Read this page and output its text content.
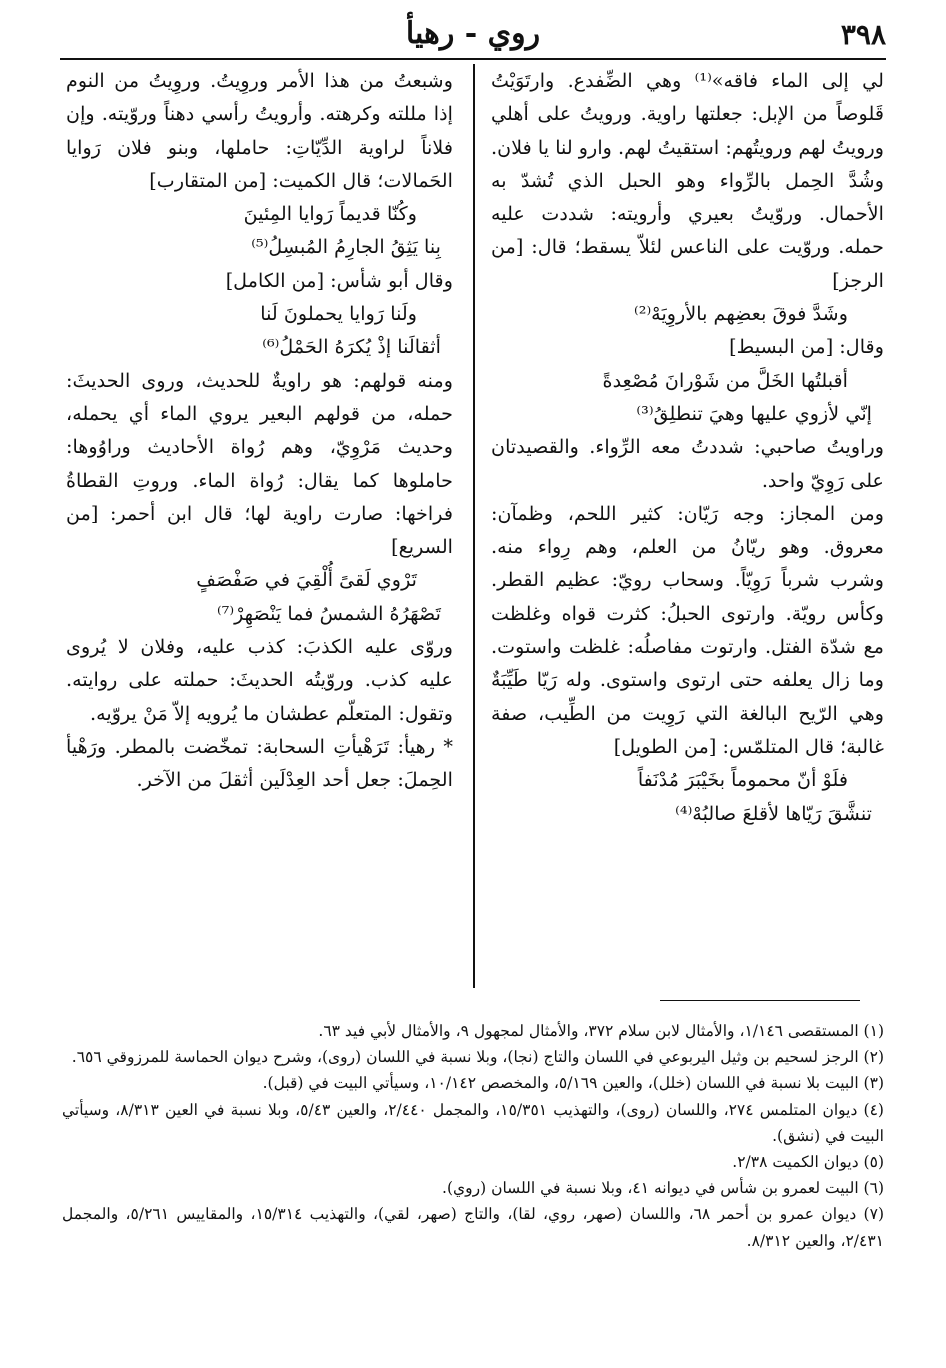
٣٩٨
روي - رهيأ

لي إلى الماء فاقه»⁽¹⁾ وهي الضِّفدع. وارتَوَيْتُ قَلوصاً من الإبل: جعلتها راوية. ورويتُ على أهلي ورويتُ لهم ورويتُهم: استقيتُ لهم. وارو لنا يا فلان. وشُدَّ الحِمل بالرِّواء وهو الحبل الذي تُشدّ به الأحمال. وروّيتُ بعيري وأرويته: شددت عليه حمله. وروّيت على الناعس لئلاّ يسقط؛ قال: [من الرجز]

وشَدَّ فوقَ بعضِهم بالأروِيَهْ⁽²⁾

وقال: [من البسيط]

أقبلتُها الخَلَّ من شَوْرانَ مُصْعِدةً

إنّي لأزوي عليها وهيَ تنطلِقُ⁽³⁾

وراويتُ صاحبي: شددتُ معه الرِّواء. والقصيدتان على رَوِيّ واحد.

ومن المجاز: وجه رَيّان: كثير اللحم، وظمآن: معروق. وهو ريّانُ من العلم، وهم رِواء منه. وشرب شرباً رَوِيّاً. وسحاب رويّ: عظيم القطر. وكأس رويّة. وارتوى الحبلُ: كثرت قواه وغلظت مع شدّة الفتل. وارتوت مفاصلُه: غلظت واستوت. وما زال يعلفه حتى ارتوى واستوى. وله رَيّا طَيِّبَةٌ وهي الرّيح البالغة التي رَوِيت من الطِّيب، صفة غالبة؛ قال المتلمّس: [من الطويل]

فلَوْ أنّ محموماً بخَيْبَرَ مُدْنَفاً

تنشَّقَ رَيّاها لأقلعَ صالبُهْ⁽⁴⁾

وشبعتُ من هذا الأمر وروِيتُ. وروِيتُ من النوم إذا مللته وكرهته. وأرويتُ رأسي دهناً وروّيته. وإن فلاناً لراوية الدِّيّاتِ: حاملها، وبنو فلان رَوايا الحَمالات؛ قال الكميت: [من المتقارب]

وكُنّا قديماً رَوايا المِئينَ

بِنا يَثِقُ الجارِمُ المُبسِلُ⁽⁵⁾

وقال أبو شأس: [من الكامل]

ولَنا رَوايا يحملونَ لَنا

أثقالَنا إذْ يُكرَهُ الحَمْلُ⁽⁶⁾

ومنه قولهم: هو راويةٌ للحديث، وروى الحديثَ: حمله، من قولهم البعير يروي الماء أي يحمله، وحديث مَرْوِيّ، وهم رُواة الأحاديث وراوُوها: حاملوها كما يقال: رُواة الماء. وروتِ القطاةُ فراخها: صارت راوية لها؛ قال ابن أحمر: [من السريع]

تَرْوي لَقىً أُلْقِيَ في صَفْصَفٍ

تَصْهَرُهُ الشمسُ فما يَنْصَهِرْ⁽⁷⁾

وروّى عليه الكذبَ: كذب عليه، وفلان لا يُروى عليه كذب. وروّيتُه الحديثَ: حملته على روايته. وتقول: المتعلّم عطشان ما يُرويه إلاّ مَنْ يروّيه.

* رهيأ: تَرَهْيأتِ السحابة: تمخّضت بالمطر. ورَهْيأ الحِملَ: جعل أحد العِدْلَين أثقلَ من الآخر.

(١) المستقصى ١/١٤٦، والأمثال لابن سلام ٣٧٢، والأمثال لمجهول ٩، والأمثال لأبي فيد ٦٣.

(٢) الرجز لسحيم بن وثيل اليربوعي في اللسان والتاج (نجا)، وبلا نسبة في اللسان (روى)، وشرح ديوان الحماسة للمرزوقي ٦٥٦.

(٣) البيت بلا نسبة في اللسان (خلل)، والعين ٥/١٦٩، والمخصص ١٠/١٤٢، وسيأتي البيت في (قبل).

(٤) ديوان المتلمس ٢٧٤، واللسان (روى)، والتهذيب ١٥/٣٥١، والمجمل ٢/٤٤٠، والعين ٥/٤٣، وبلا نسبة في العين ٨/٣١٣، وسيأتي البيت في (نشق).

(٥) ديوان الكميت ٢/٣٨.

(٦) البيت لعمرو بن شأس في ديوانه ٤١، وبلا نسبة في اللسان (روي).

(٧) ديوان عمرو بن أحمر ٦٨، واللسان (صهر، روي، لقا)، والتاج (صهر، لقي)، والتهذيب ١٥/٣١٤، والمقاييس ٥/٢٦١، والمجمل ٢/٤٣١، والعين ٨/٣١٢.
